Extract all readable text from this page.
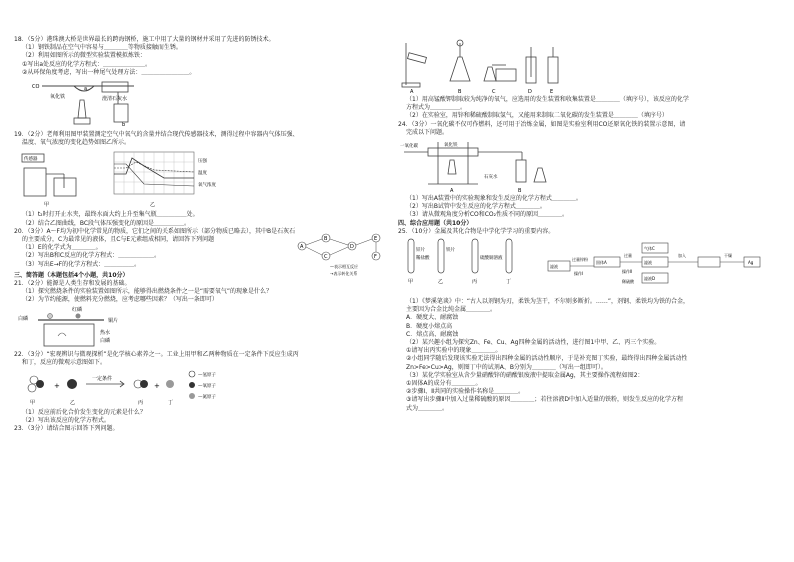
18．（5分）港珠澳大桥是世界最长的跨海钢桥，施工中用了大量的钢材并采用了先进的防锈技术。
（1）钢铁制品在空气中容易与＿＿＿＿等物质接触而生锈。
（2）利用如图所示的微型实验装置模拟炼铁：
①写出a处反应的化学方程式：＿＿＿＿＿＿＿。
②从环保角度考虑，写出一种尾气处理方法：＿＿＿＿＿＿＿＿。
CO
氧化铁	澄清石灰水
a
b
19．（2分）老师利用图甲装置测定空气中氧气的含量并结合现代传感器技术，测得过程中容器内气体压强、
温度、氧气浓度的变化趋势如图乙所示。
传感器
甲
压强
温度
氧气浓度
乙
（1）t₂时打开止水夹，最终水面大约上升至集气瓶＿＿＿＿＿处。
（2）结合乙图曲线，BC段气体压强变化的原因是＿＿＿＿＿。
20．（3分）A～F均为初中化学常见的物质，它们之间的关系如图所示（部分物质已略去），其中B是石灰石
的主要成分，C为最常见的液体，且C与E元素组成相同，请回答下列问题
（1）E的化学式为＿＿＿＿。
（2）写出B和C反应的化学方程式：＿＿＿＿＿＿。
（3）写出E→F的化学方程式：＿＿＿＿＿。
A
B
C
D
E
F
—表示相互反应
→表示转化关系
三、简答题（本题包括4个小题，共10分）
21．（2分）能源是人类生存和发展的基础。
（1）探究燃烧条件的实验装置如图所示，能够得出燃烧条件之一是“需要氧气”的现象是什么？
（2）为节约能源，使燃料充分燃烧，应考虑哪些因素？（写出一条即可）
红磷
白磷	铜片
热水
白磷
22．（3分）“宏观辨识与微观探析”是化学核心素养之一。工业上用甲和乙两种物质在一定条件下反应生成丙
和丁，反应的微观示意图如下。
+
一定条件
+
甲	乙	丙	丁
—氢原子
—氧原子
—氮原子
（1）反应前后化合价发生变化的元素是什么？
（2）写出该反应的化学方程式。
23．（3分）请结合图示回答下列问题。
A	B	C	D	E
（1）用高锰酸钾制取较为纯净的氧气，应选用的发生装置和收集装置是＿＿＿＿（填序号），该反应的化学
方程式为＿＿＿＿＿。
（2）在实验室，用锌和稀硫酸制取氢气，又能用来制取二氧化碳的发生装置是＿＿＿＿（填序号）
24．（3分）一氧化碳不仅可作燃料，还可用于冶炼金属，如图是实验室利用CO还原氧化铁的装置示意图，请
完成以下问题。
一氧化碳	氧化铁
石灰水
A	B
（1）写出A装置中的实验现象和发生反应的化学方程式＿＿＿＿。
（2）写出B试管中发生反应的化学方程式＿＿＿＿。
（3）请从微观角度分析CO和CO₂性质不同的原因＿＿＿＿。
四、综合应用题（共10分）
25．（10分）金属及其化合物是中学化学学习的重要内容。
锌片
稀盐酸
铁片
硫酸铜溶液
甲	乙	丙	丁
过量锌粉
操作Ⅰ
固体A
操作Ⅱ
滤液
气体C
滤液
过量
稀硫酸
滤液D
加入
Ag
干燥
（1）《梦溪笔谈》中：“古人以剂钢为刃，柔铁为茎干，不尔则多断折。……”，剂钢、柔铁均为铁的合金，
主要因为合金比纯金属＿＿＿＿。
A．硬度大、耐腐蚀
B．硬度小熔点高
C．熔点高、耐腐蚀
（2）某兴趣小组为探究Zn、Fe、Cu、Ag四种金属的活动性，进行图1中甲、乙、丙三个实验。
①请写出丙实验中的现象＿＿＿＿。
②小组同学随后发现该实验无法得出四种金属的活动性顺序，于是补充图丁实验，最终得出四种金属活动性
Zn>Fe>Cu>Ag，则图丁中的试剂A、B分别为＿＿＿＿（写出一组即可）。
（3）某化学实验室从含少量硝酸锌的硝酸银废液中提取金属Ag，其主要操作流程如图2：
①固体A的成分有＿＿＿＿。
②步骤Ⅰ、Ⅱ共同的实验操作名称是＿＿＿＿。
③请写出步骤Ⅱ中加入过量稀硫酸的原因＿＿＿＿；若往溶液D中加入适量的铁粉，则发生反应的化学方程
式为＿＿＿＿。
